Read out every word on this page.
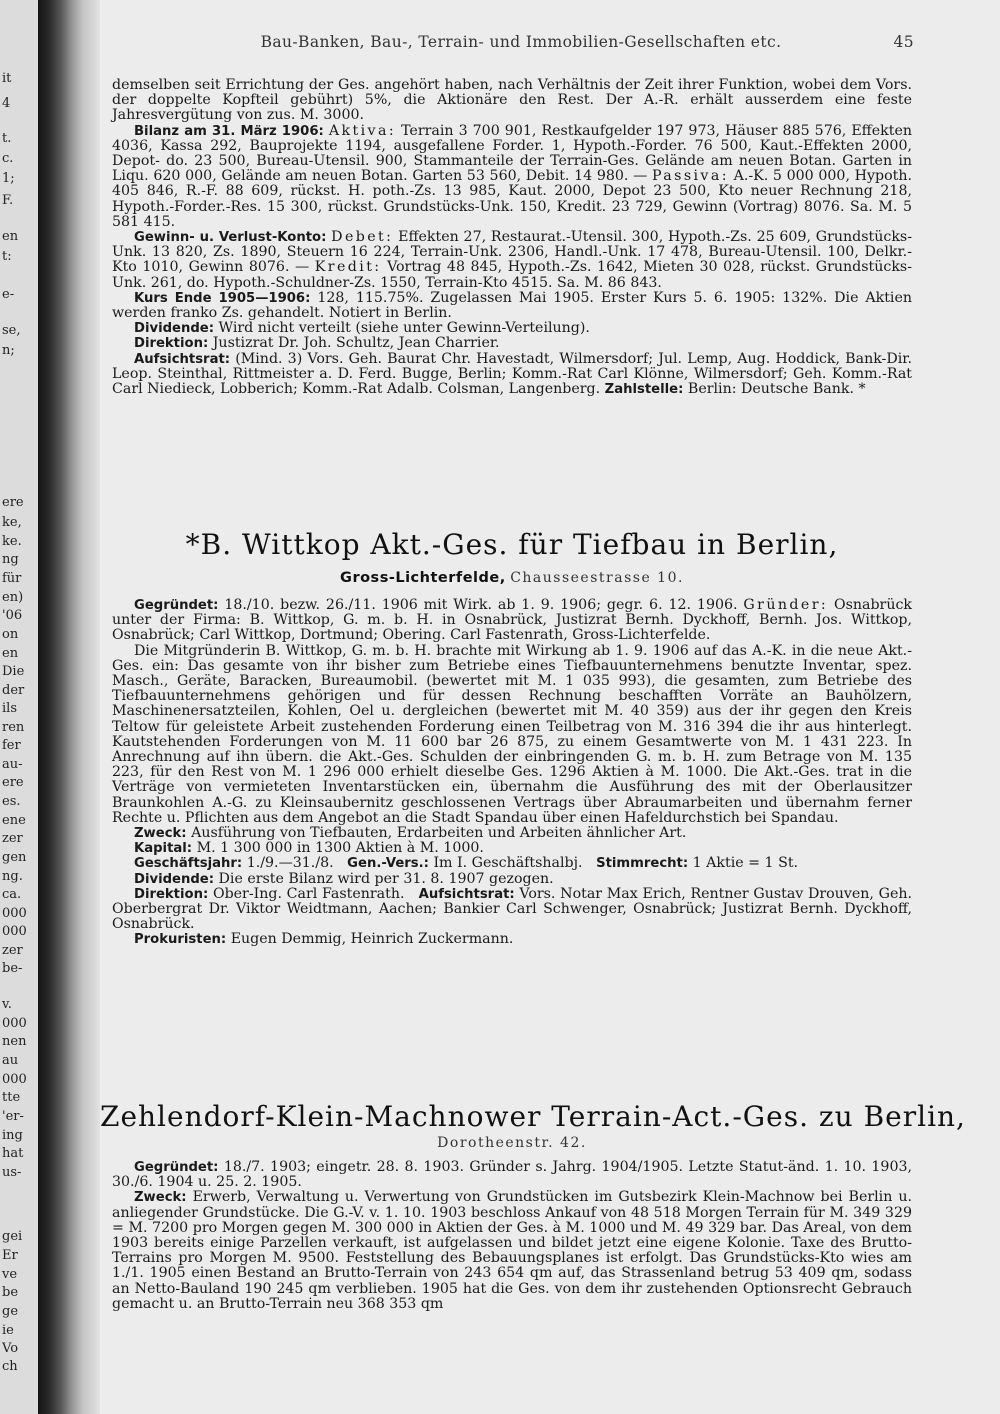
it
4
t.
c.
1;
F.
en
t:
e-
se,
n;
ere
ke,
ke.
ng
für
en)
'06
on
en
Die
der
ils
ren
fer
au-
ere
es.
ene
zer
gen
ng.
ca.
000
000
zer
be-
v.
000
nen
au
000
tte
'er-
ing
hat
us-
gei
Er
ve
be
ge
ie
Vo
ch
Bau-Banken, Bau-, Terrain- und Immobilien-Gesellschaften etc.	45

demselben seit Errichtung der Ges. angehört haben, nach Verhältnis der Zeit ihrer Funktion, wobei dem Vors. der doppelte Kopfteil gebührt) 5%, die Aktionäre den Rest. Der A.-R. erhält ausserdem eine feste Jahresvergütung von zus. M. 3000.

Bilanz am 31. März 1906: Aktiva: Terrain 3 700 901, Restkaufgelder 197 973, Häuser 885 576, Effekten 4036, Kassa 292, Bauprojekte 1194, ausgefallene Forder. 1, Hypoth.-Forder. 76 500, Kaut.-Effekten 2000, Depot- do. 23 500, Bureau-Utensil. 900, Stammanteile der Terrain-Ges. Gelände am neuen Botan. Garten in Liqu. 620 000, Gelände am neuen Botan. Garten 53 560, Debit. 14 980. — Passiva: A.-K. 5 000 000, Hypoth. 405 846, R.-F. 88 609, rückst. H. poth.-Zs. 13 985, Kaut. 2000, Depot 23 500, Kto neuer Rechnung 218, Hypoth.-Forder.-Res. 15 300, rückst. Grundstücks-Unk. 150, Kredit. 23 729, Gewinn (Vortrag) 8076. Sa. M. 5 581 415.

Gewinn- u. Verlust-Konto: Debet: Effekten 27, Restaurat.-Utensil. 300, Hypoth.-Zs. 25 609, Grundstücks-Unk. 13 820, Zs. 1890, Steuern 16 224, Terrain-Unk. 2306, Handl.-Unk. 17 478, Bureau-Utensil. 100, Delkr.-Kto 1010, Gewinn 8076. — Kredit: Vortrag 48 845, Hypoth.-Zs. 1642, Mieten 30 028, rückst. Grundstücks-Unk. 261, do. Hypoth.-Schuldner-Zs. 1550, Terrain-Kto 4515. Sa. M. 86 843.

Kurs Ende 1905—1906: 128, 115.75%. Zugelassen Mai 1905. Erster Kurs 5. 6. 1905: 132%. Die Aktien werden franko Zs. gehandelt. Notiert in Berlin.

Dividende: Wird nicht verteilt (siehe unter Gewinn-Verteilung).

Direktion: Justizrat Dr. Joh. Schultz, Jean Charrier.

Aufsichtsrat: (Mind. 3) Vors. Geh. Baurat Chr. Havestadt, Wilmersdorf; Jul. Lemp, Aug. Hoddick, Bank-Dir. Leop. Steinthal, Rittmeister a. D. Ferd. Bugge, Berlin; Komm.-Rat Carl Klönne, Wilmersdorf; Geh. Komm.-Rat Carl Niedieck, Lobberich; Komm.-Rat Adalb. Colsman, Langenberg. Zahlstelle: Berlin: Deutsche Bank. *

*B. Wittkop Akt.-Ges. für Tiefbau in Berlin,
Gross-Lichterfelde, Chausseestrasse 10.

Gegründet: 18./10. bezw. 26./11. 1906 mit Wirk. ab 1. 9. 1906; gegr. 6. 12. 1906. Gründer: Osnabrück unter der Firma: B. Wittkop, G. m. b. H. in Osnabrück, Justizrat Bernh. Dyckhoff, Bernh. Jos. Wittkop, Osnabrück; Carl Wittkop, Dortmund; Obering. Carl Fastenrath, Gross-Lichterfelde.

Die Mitgründerin B. Wittkop, G. m. b. H. brachte mit Wirkung ab 1. 9. 1906 auf das A.-K. in die neue Akt.-Ges. ein: Das gesamte von ihr bisher zum Betriebe eines Tiefbauunternehmens benutzte Inventar, spez. Masch., Geräte, Baracken, Bureaumobil. (bewertet mit M. 1 035 993), die gesamten, zum Betriebe des Tiefbauunternehmens gehörigen und für dessen Rechnung beschafften Vorräte an Bauhölzern, Maschinenersatzteilen, Kohlen, Oel u. dergleichen (bewertet mit M. 40 359) aus der ihr gegen den Kreis Teltow für geleistete Arbeit zustehenden Forderung einen Teilbetrag von M. 316 394 die ihr aus hinterlegt. Kautstehenden Forderungen von M. 11 600 bar 26 875, zu einem Gesamtwerte von M. 1 431 223. In Anrechnung auf ihn übern. die Akt.-Ges. Schulden der einbringenden G. m. b. H. zum Betrage von M. 135 223, für den Rest von M. 1 296 000 erhielt dieselbe Ges. 1296 Aktien à M. 1000. Die Akt.-Ges. trat in die Verträge von vermieteten Inventarstücken ein, übernahm die Ausführung des mit der Oberlausitzer Braunkohlen A.-G. zu Kleinsaubernitz geschlossenen Vertrags über Abraumarbeiten und übernahm ferner Rechte u. Pflichten aus dem Angebot an die Stadt Spandau über einen Hafeldurchstich bei Spandau.

Zweck: Ausführung von Tiefbauten, Erdarbeiten und Arbeiten ähnlicher Art.

Kapital: M. 1 300 000 in 1300 Aktien à M. 1000.

Geschäftsjahr: 1./9.—31./8. Gen.-Vers.: Im I. Geschäftshalbj. Stimmrecht: 1 Aktie = 1 St.

Dividende: Die erste Bilanz wird per 31. 8. 1907 gezogen.

Direktion: Ober-Ing. Carl Fastenrath. Aufsichtsrat: Vors. Notar Max Erich, Rentner Gustav Drouven, Geh. Oberbergrat Dr. Viktor Weidtmann, Aachen; Bankier Carl Schwenger, Osnabrück; Justizrat Bernh. Dyckhoff, Osnabrück.

Prokuristen: Eugen Demmig, Heinrich Zuckermann.

Zehlendorf-Klein-Machnower Terrain-Act.-Ges. zu Berlin,
Dorotheenstr. 42.

Gegründet: 18./7. 1903; eingetr. 28. 8. 1903. Gründer s. Jahrg. 1904/1905. Letzte Statut-änd. 1. 10. 1903, 30./6. 1904 u. 25. 2. 1905.

Zweck: Erwerb, Verwaltung u. Verwertung von Grundstücken im Gutsbezirk Klein-Machnow bei Berlin u. anliegender Grundstücke. Die G.-V. v. 1. 10. 1903 beschloss Ankauf von 48 518 Morgen Terrain für M. 349 329 = M. 7200 pro Morgen gegen M. 300 000 in Aktien der Ges. à M. 1000 und M. 49 329 bar. Das Areal, von dem 1903 bereits einige Parzellen verkauft, ist aufgelassen und bildet jetzt eine eigene Kolonie. Taxe des Brutto-Terrains pro Morgen M. 9500. Feststellung des Bebauungsplanes ist erfolgt. Das Grundstücks-Kto wies am 1./1. 1905 einen Bestand an Brutto-Terrain von 243 654 qm auf, das Strassenland betrug 53 409 qm, sodass an Netto-Bauland 190 245 qm verblieben. 1905 hat die Ges. von dem ihr zustehenden Optionsrecht Gebrauch gemacht u. an Brutto-Terrain neu 368 353 qm
